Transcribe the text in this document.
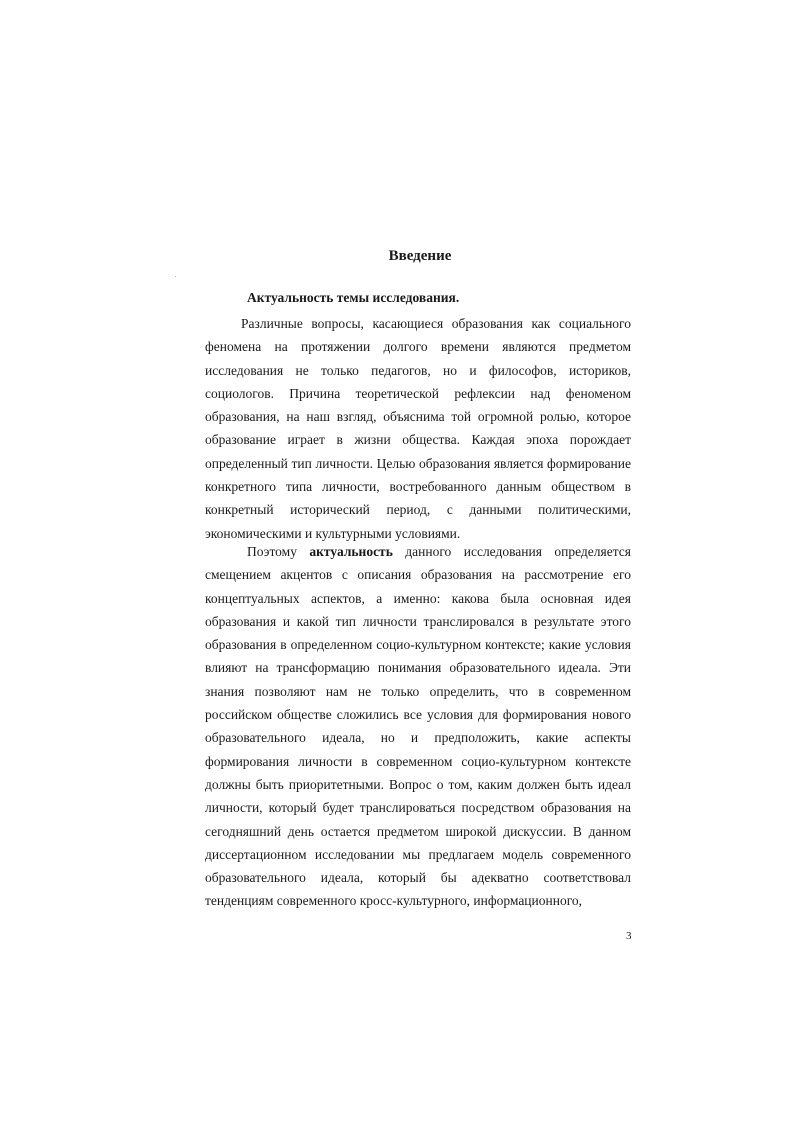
Введение
Актуальность темы исследования.

Различные вопросы, касающиеся образования как социального феномена на протяжении долгого времени являются предметом исследования не только педагогов, но и философов, историков, социологов. Причина теоретической рефлексии над феноменом образования, на наш взгляд, объяснима той огромной ролью, которое образование играет в жизни общества. Каждая эпоха порождает определенный тип личности. Целью образования является формирование конкретного типа личности, востребованного данным обществом в конкретный исторический период, с данными политическими, экономическими и культурными условиями.

Поэтому актуальность данного исследования определяется смещением акцентов с описания образования на рассмотрение его концептуальных аспектов, а именно: какова была основная идея образования и какой тип личности транслировался в результате этого образования в определенном социо-культурном контексте; какие условия влияют на трансформацию понимания образовательного идеала. Эти знания позволяют нам не только определить, что в современном российском обществе сложились все условия для формирования нового образовательного идеала, но и предположить, какие аспекты формирования личности в современном социо-культурном контексте должны быть приоритетными. Вопрос о том, каким должен быть идеал личности, который будет транслироваться посредством образования на сегодняшний день остается предметом широкой дискуссии. В данном диссертационном исследовании мы предлагаем модель современного образовательного идеала, который бы адекватно соответствовал тенденциям современного кросс-культурного, информационного,

3
